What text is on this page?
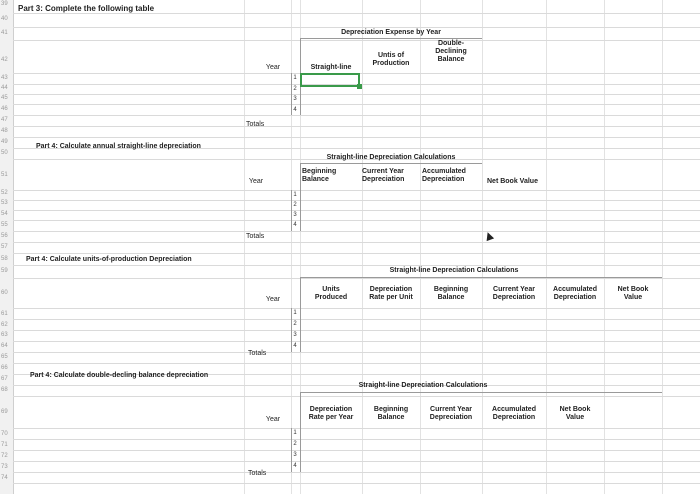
39
40
41
42
43
44
45
46
47
48
49
50
51
52
53
54
55
56
57
58
59
60
61
62
63
64
65
66
67
68
69
70
71
72
73
74
Part 3: Complete the following table
Depreciation Expense by Year
Year	Straight-line
Untis of
Production
Double-
Declining
Balance
1
2
3
4
Totals
Part 4: Calculate annual straight-line depreciation
Straight-line Depreciation Calculations
Year
Beginning
Balance
Current Year
Depreciation
Accumulated
Depreciation	Net Book Value
1
2
3
4
Totals
Part 4: Calculate units-of-production Depreciation
Straight-line Depreciation Calculations
Year
Units
Produced
Depreciation
Rate per Unit
Beginning
Balance
Current Year
Depreciation
Accumulated
Depreciation
Net Book
Value
1
2
3
4
Totals
Part 4: Calculate double-decling balance depreciation
Straight-line Depreciation Calculations
Year
Depreciation
Rate per Year
Beginning
Balance
Current Year
Depreciation
Accumulated
Depreciation
Net Book
Value
1
2
3
4
Totals
